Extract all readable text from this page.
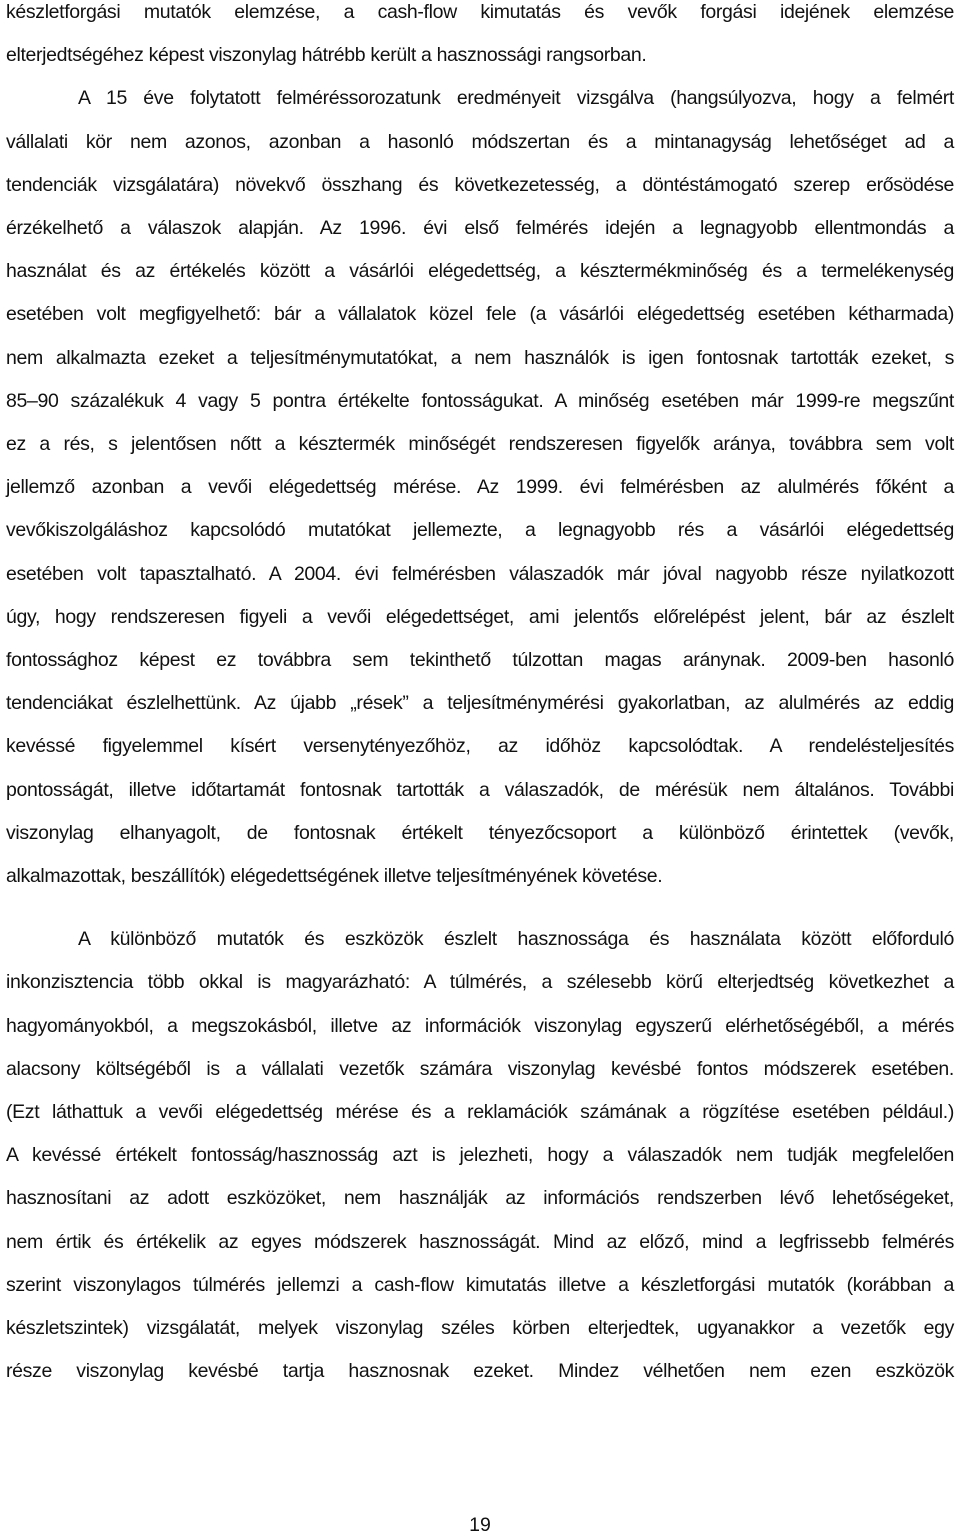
készletforgási mutatók elemzése, a cash-flow kimutatás és vevők forgási idejének elemzése
elterjedtségéhez képest viszonylag hátrébb került a hasznossági rangsorban.
A 15 éve folytatott felméréssorozatunk eredményeit vizsgálva (hangsúlyozva, hogy a felmért
vállalati kör nem azonos, azonban a hasonló módszertan és a mintanagyság lehetőséget ad a
tendenciák vizsgálatára) növekvő összhang és következetesség, a döntéstámogató szerep erősödése
érzékelhető a válaszok alapján. Az 1996. évi első felmérés idején a legnagyobb ellentmondás a
használat és az értékelés között a vásárlói elégedettség, a késztermékminőség és a termelékenység
esetében volt megfigyelhető: bár a vállalatok közel fele (a vásárlói elégedettség esetében kétharmada)
nem alkalmazta ezeket a teljesítménymutatókat, a nem használók is igen fontosnak tartották ezeket, s
85–90 százalékuk 4 vagy 5 pontra értékelte fontosságukat. A minőség esetében már 1999-re megszűnt
ez a rés, s jelentősen nőtt a késztermék minőségét rendszeresen figyelők aránya, továbbra sem volt
jellemző azonban a vevői elégedettség mérése. Az 1999. évi felmérésben az alulmérés főként a
vevőkiszolgáláshoz kapcsolódó mutatókat jellemezte, a legnagyobb rés a vásárlói elégedettség
esetében volt tapasztalható. A 2004. évi felmérésben válaszadók már jóval nagyobb része nyilatkozott
úgy, hogy rendszeresen figyeli a vevői elégedettséget, ami jelentős előrelépést jelent, bár az észlelt
fontossághoz képest ez továbbra sem tekinthető túlzottan magas aránynak. 2009-ben hasonló
tendenciákat észlelhettünk. Az újabb „rések” a teljesítménymérési gyakorlatban, az alulmérés az eddig
kevéssé figyelemmel kísért versenytényezőhöz, az időhöz kapcsolódtak. A rendelésteljesítés
pontosságát, illetve időtartamát fontosnak tartották a válaszadók, de mérésük nem általános. További
viszonylag elhanyagolt, de fontosnak értékelt tényezőcsoport a különböző érintettek (vevők,
alkalmazottak, beszállítók) elégedettségének illetve teljesítményének követése.
A különböző mutatók és eszközök észlelt hasznossága és használata között előforduló
inkonzisztencia több okkal is magyarázható: A túlmérés, a szélesebb körű elterjedtség következhet a
hagyományokból, a megszokásból, illetve az információk viszonylag egyszerű elérhetőségéből, a mérés
alacsony költségéből is a vállalati vezetők számára viszonylag kevésbé fontos módszerek esetében.
(Ezt láthattuk a vevői elégedettség mérése és a reklamációk számának a rögzítése esetében például.)
A kevéssé értékelt fontosság/hasznosság azt is jelezheti, hogy a válaszadók nem tudják megfelelően
hasznosítani az adott eszközöket, nem használják az információs rendszerben lévő lehetőségeket,
nem értik és értékelik az egyes módszerek hasznosságát. Mind az előző, mind a legfrissebb felmérés
szerint viszonylagos túlmérés jellemzi a cash-flow kimutatás illetve a készletforgási mutatók (korábban a
készletszintek) vizsgálatát, melyek viszonylag széles körben elterjedtek, ugyanakkor a vezetők egy
része viszonylag kevésbé tartja hasznosnak ezeket. Mindez vélhetően nem ezen eszközök
19
